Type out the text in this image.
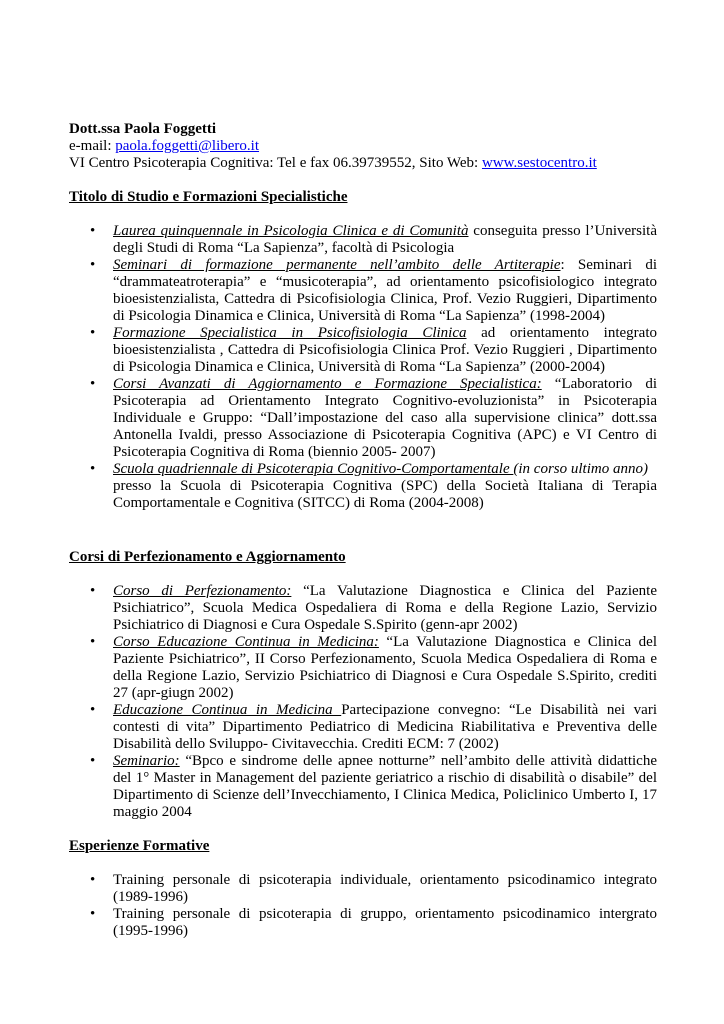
Dott.ssa Paola Foggetti

e-mail: paola.foggetti@libero.it

VI Centro Psicoterapia Cognitiva: Tel e fax 06.39739552, Sito Web: www.sestocentro.it

Titolo di Studio e Formazioni Specialistiche

• Laurea quinquennale in Psicologia Clinica e di Comunità conseguita presso l’Università degli Studi di Roma “La Sapienza”, facoltà di Psicologia
• Seminari di formazione permanente nell’ambito delle Artiterapie: Seminari di “drammateatroterapia” e “musicoterapia”, ad orientamento psicofisiologico integrato bioesistenzialista, Cattedra di Psicofisiologia Clinica, Prof. Vezio Ruggieri, Dipartimento di Psicologia Dinamica e Clinica, Università di Roma “La Sapienza” (1998-2004)
• Formazione Specialistica in Psicofisiologia Clinica ad orientamento integrato bioesistenzialista , Cattedra di Psicofisiologia Clinica Prof. Vezio Ruggieri , Dipartimento di Psicologia Dinamica e Clinica, Università di Roma “La Sapienza” (2000-2004)
• Corsi Avanzati di Aggiornamento e Formazione Specialistica: “Laboratorio di Psicoterapia ad Orientamento Integrato Cognitivo-evoluzionista” in Psicoterapia Individuale e Gruppo: “Dall’impostazione del caso alla supervisione clinica” dott.ssa Antonella Ivaldi, presso Associazione di Psicoterapia Cognitiva (APC) e VI Centro di Psicoterapia Cognitiva di Roma (biennio 2005- 2007)
• Scuola quadriennale di Psicoterapia Cognitivo-Comportamentale (in corso ultimo anno)
presso la Scuola di Psicoterapia Cognitiva (SPC) della Società Italiana di Terapia Comportamentale e Cognitiva (SITCC) di Roma (2004-2008)

Corsi di Perfezionamento e Aggiornamento

• Corso di Perfezionamento: “La Valutazione Diagnostica e Clinica del Paziente Psichiatrico”, Scuola Medica Ospedaliera di Roma e della Regione Lazio, Servizio Psichiatrico di Diagnosi e Cura Ospedale S.Spirito (genn-apr 2002)
• Corso Educazione Continua in Medicina: “La Valutazione Diagnostica e Clinica del Paziente Psichiatrico”, II Corso Perfezionamento, Scuola Medica Ospedaliera di Roma e della Regione Lazio, Servizio Psichiatrico di Diagnosi e Cura Ospedale S.Spirito, crediti 27 (apr-giugn 2002)
• Educazione Continua in Medicina Partecipazione convegno: “Le Disabilità nei vari contesti di vita” Dipartimento Pediatrico di Medicina Riabilitativa e Preventiva delle Disabilità dello Sviluppo- Civitavecchia. Crediti ECM: 7 (2002)
• Seminario: “Bpco e sindrome delle apnee notturne” nell’ambito delle attività didattiche del 1° Master in Management del paziente geriatrico a rischio di disabilità o disabile” del Dipartimento di Scienze dell’Invecchiamento, I Clinica Medica, Policlinico Umberto I, 17 maggio 2004

Esperienze Formative

• Training personale di psicoterapia individuale, orientamento psicodinamico integrato (1989-1996)
• Training personale di psicoterapia di gruppo, orientamento psicodinamico intergrato (1995-1996)
